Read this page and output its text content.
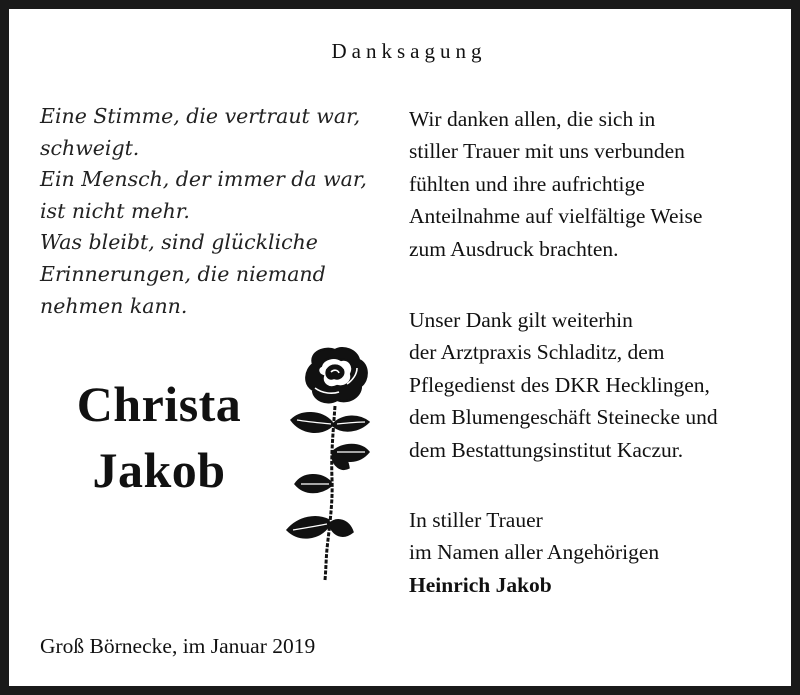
Danksagung
Eine Stimme, die vertraut war,
schweigt.
Ein Mensch, der immer da war,
ist nicht mehr.
Was bleibt, sind glückliche
Erinnerungen, die niemand
nehmen kann.
Christa
Jakob
Wir danken allen, die sich in
stiller Trauer mit uns verbunden
fühlten und ihre aufrichtige
Anteilnahme auf vielfältige Weise
zum Ausdruck brachten.
Unser Dank gilt weiterhin
der Arztpraxis Schladitz, dem
Pflegedienst des DKR Hecklingen,
dem Blumengeschäft Steinecke und
dem Bestattungsinstitut Kaczur.
In stiller Trauer
im Namen aller Angehörigen
Heinrich Jakob
Groß Börnecke, im Januar 2019
